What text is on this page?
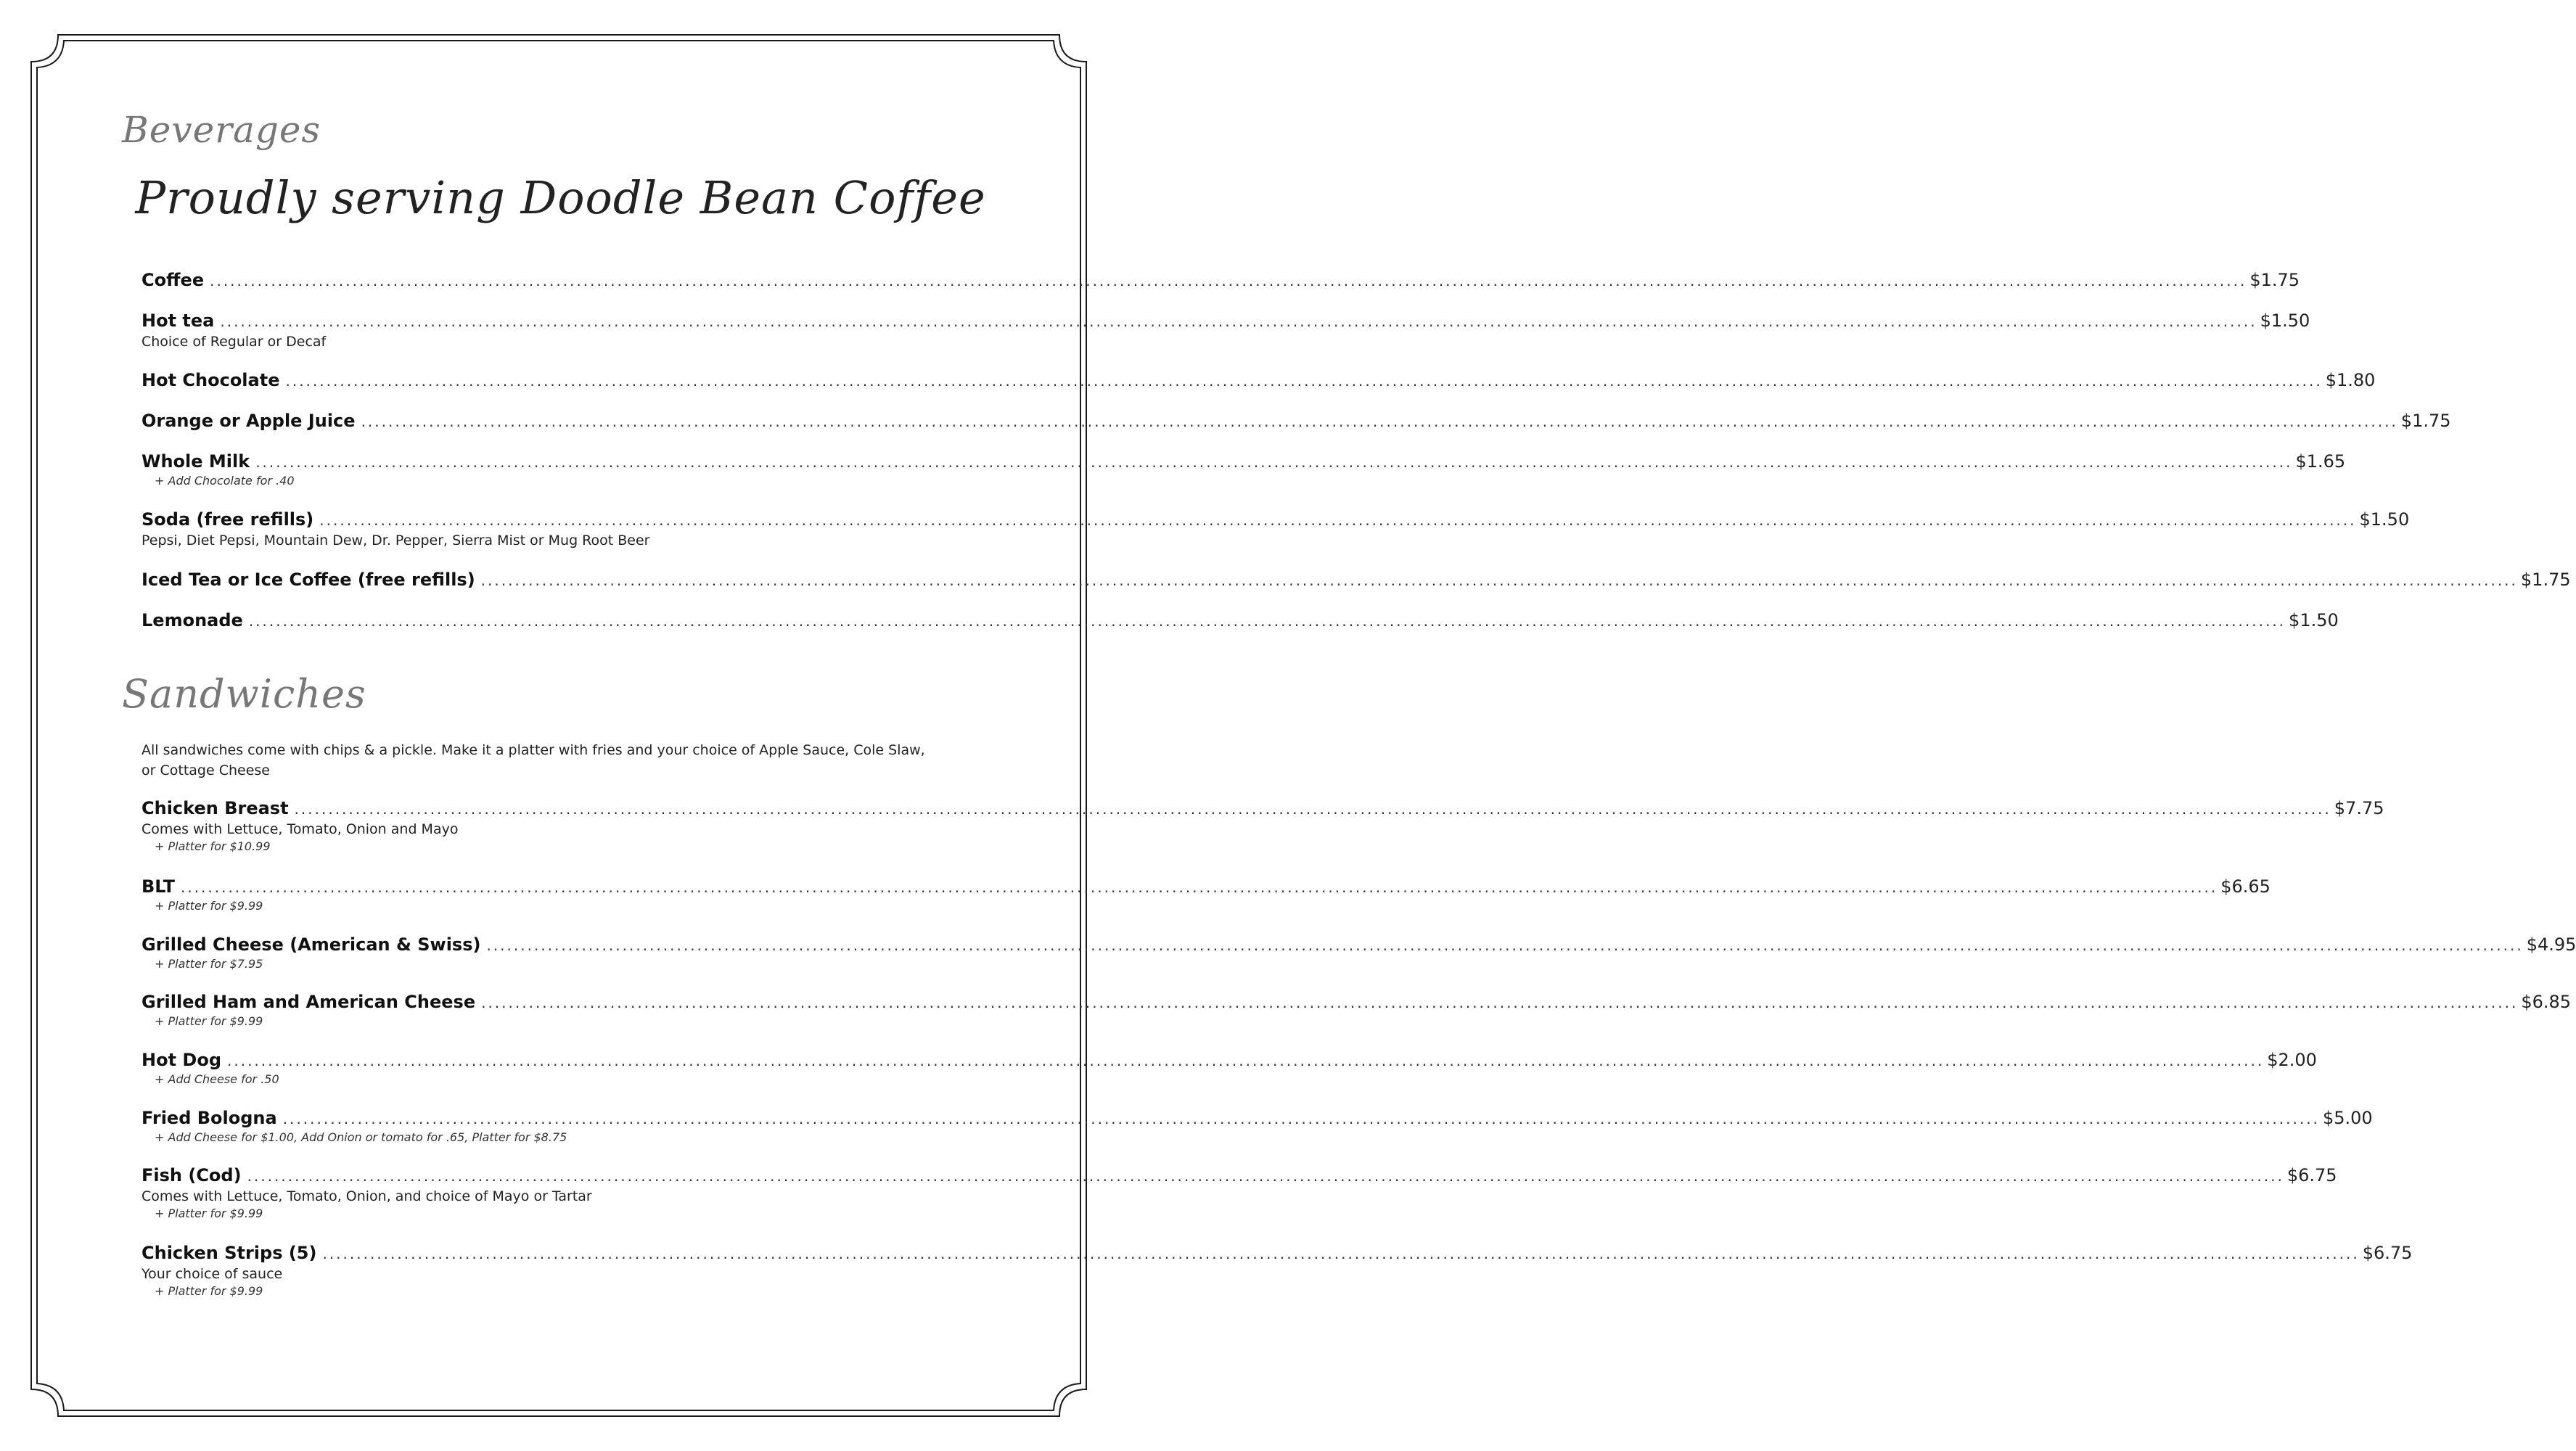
Beverages
Proudly serving Doodle Bean Coffee
Coffee ............................................................................................................................................................................................................................................................................................................ $1.75
Hot tea ............................................................................................................................................................................................................................................................................................................ $1.50
Choice of Regular or Decaf
Hot Chocolate ............................................................................................................................................................................................................................................................................................................ $1.80
Orange or Apple Juice ............................................................................................................................................................................................................................................................................................................ $1.75
Whole Milk ............................................................................................................................................................................................................................................................................................................ $1.65
+ Add Chocolate for .40
Soda (free refills) ............................................................................................................................................................................................................................................................................................................ $1.50
Pepsi, Diet Pepsi, Mountain Dew, Dr. Pepper, Sierra Mist or Mug Root Beer
Iced Tea or Ice Coffee (free refills) ............................................................................................................................................................................................................................................................................................................ $1.75
Lemonade ............................................................................................................................................................................................................................................................................................................ $1.50
Sandwiches

All sandwiches come with chips & a pickle. Make it a platter with fries and your choice of Apple Sauce, Cole Slaw, or Cottage Cheese

Chicken Breast ............................................................................................................................................................................................................................................................................................................ $7.75
Comes with Lettuce, Tomato, Onion and Mayo
+ Platter for $10.99
BLT ............................................................................................................................................................................................................................................................................................................ $6.65
+ Platter for $9.99
Grilled Cheese (American & Swiss) ............................................................................................................................................................................................................................................................................................................ $4.95
+ Platter for $7.95
Grilled Ham and American Cheese ............................................................................................................................................................................................................................................................................................................ $6.85
+ Platter for $9.99
Hot Dog ............................................................................................................................................................................................................................................................................................................ $2.00
+ Add Cheese for .50
Fried Bologna ............................................................................................................................................................................................................................................................................................................ $5.00
+ Add Cheese for $1.00, Add Onion or tomato for .65, Platter for $8.75
Fish (Cod) ............................................................................................................................................................................................................................................................................................................ $6.75
Comes with Lettuce, Tomato, Onion, and choice of Mayo or Tartar
+ Platter for $9.99
Chicken Strips (5) ............................................................................................................................................................................................................................................................................................................ $6.75
Your choice of sauce
+ Platter for $9.99
